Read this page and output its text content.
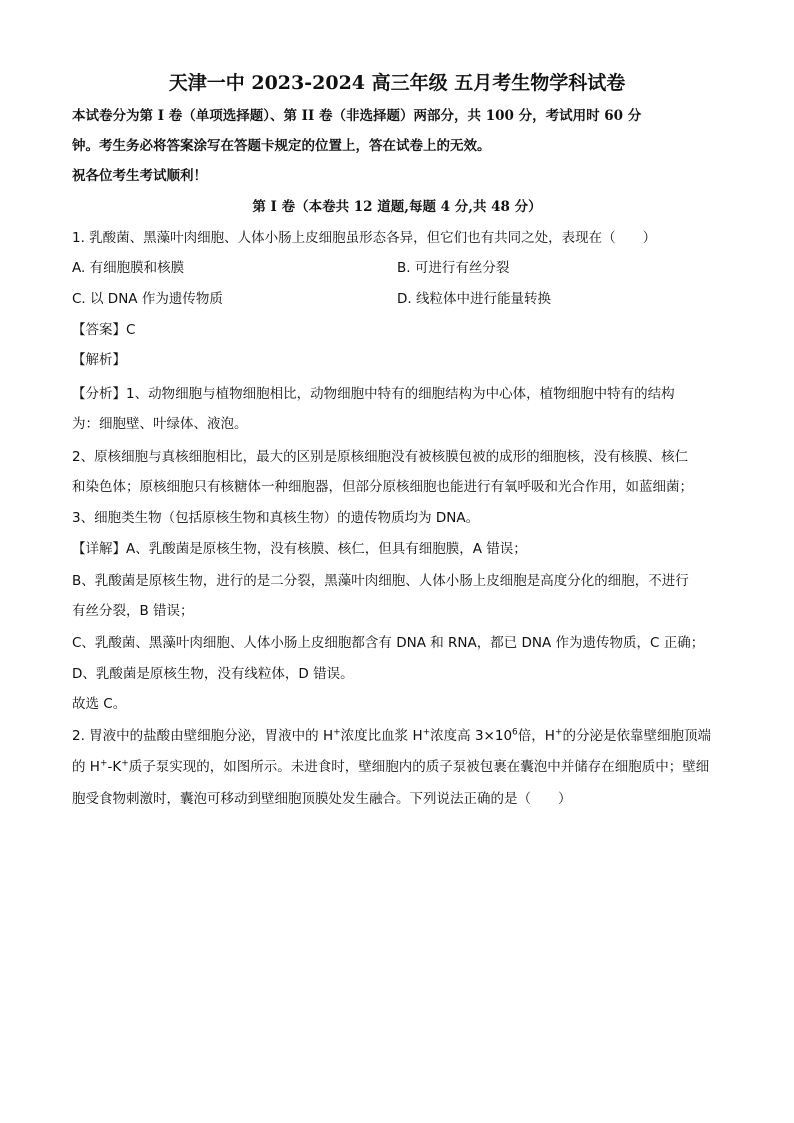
天津一中 2023-2024 高三年级 五月考生物学科试卷
本试卷分为第 I 卷（单项选择题）、第 II 卷（非选择题）两部分，共 100 分，考试用时 60 分
钟。考生务必将答案涂写在答题卡规定的位置上，答在试卷上的无效。
祝各位考生考试顺利！
第 I 卷（本卷共 12 道题,每题 4 分,共 48 分）
1. 乳酸菌、黑藻叶肉细胞、人体小肠上皮细胞虽形态各异，但它们也有共同之处，表现在（　　）
A. 有细胞膜和核膜	B. 可进行有丝分裂
C. 以 DNA 作为遗传物质	D. 线粒体中进行能量转换
【答案】C
【解析】
【分析】1、动物细胞与植物细胞相比，动物细胞中特有的细胞结构为中心体，植物细胞中特有的结构
为：细胞壁、叶绿体、液泡。
2、原核细胞与真核细胞相比，最大的区别是原核细胞没有被核膜包被的成形的细胞核，没有核膜、核仁
和染色体；原核细胞只有核糖体一种细胞器，但部分原核细胞也能进行有氧呼吸和光合作用，如蓝细菌；
3、细胞类生物（包括原核生物和真核生物）的遗传物质均为 DNA。
【详解】A、乳酸菌是原核生物，没有核膜、核仁，但具有细胞膜，A 错误；
B、乳酸菌是原核生物，进行的是二分裂，黑藻叶肉细胞、人体小肠上皮细胞是高度分化的细胞，不进行
有丝分裂，B 错误；
C、乳酸菌、黑藻叶肉细胞、人体小肠上皮细胞都含有 DNA 和 RNA，都已 DNA 作为遗传物质，C 正确；
D、乳酸菌是原核生物，没有线粒体，D 错误。
故选 C。
2. 胃液中的盐酸由壁细胞分泌，胃液中的 H+浓度比血浆 H+浓度高 $3\times 10^6$倍，H+的分泌是依靠壁细胞顶端
的 H+-K+质子泵实现的，如图所示。未进食时，壁细胞内的质子泵被包裹在囊泡中并储存在细胞质中；壁细
胞受食物刺激时，囊泡可移动到壁细胞顶膜处发生融合。下列说法正确的是（　　）
